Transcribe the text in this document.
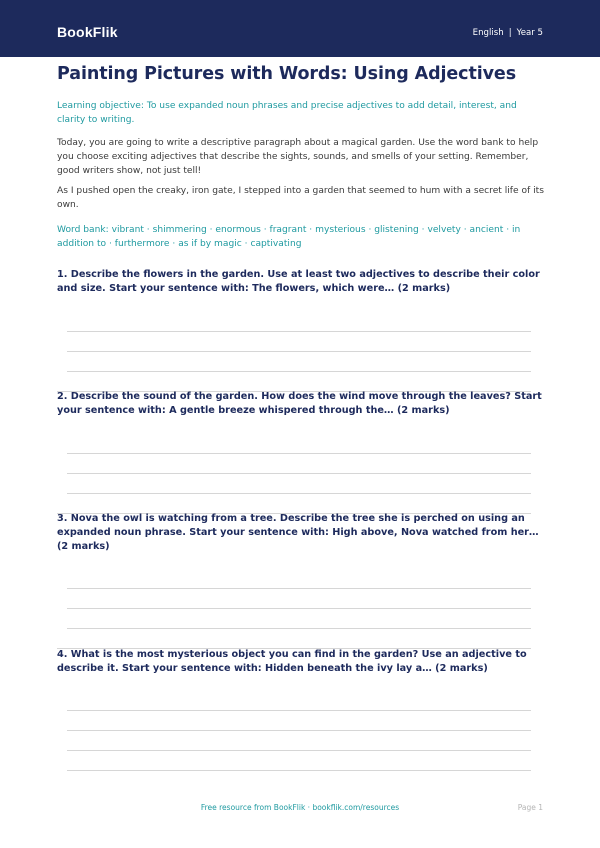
BookFlik	English | Year 5
Painting Pictures with Words: Using Adjectives

Learning objective: To use expanded noun phrases and precise adjectives to add detail, interest, and clarity to writing.

Today, you are going to write a descriptive paragraph about a magical garden. Use the word bank to help you choose exciting adjectives that describe the sights, sounds, and smells of your setting. Remember, good writers show, not just tell!

As I pushed open the creaky, iron gate, I stepped into a garden that seemed to hum with a secret life of its own.

Word bank: vibrant · shimmering · enormous · fragrant · mysterious · glistening · velvety · ancient · in addition to · furthermore · as if by magic · captivating

1. Describe the flowers in the garden. Use at least two adjectives to describe their color and size. Start your sentence with: The flowers, which were… (2 marks)

2. Describe the sound of the garden. How does the wind move through the leaves? Start your sentence with: A gentle breeze whispered through the… (2 marks)

3. Nova the owl is watching from a tree. Describe the tree she is perched on using an expanded noun phrase. Start your sentence with: High above, Nova watched from her… (2 marks)

4. What is the most mysterious object you can find in the garden? Use an adjective to describe it. Start your sentence with: Hidden beneath the ivy lay a… (2 marks)

Free resource from BookFlik · bookflik.com/resources	Page 1
